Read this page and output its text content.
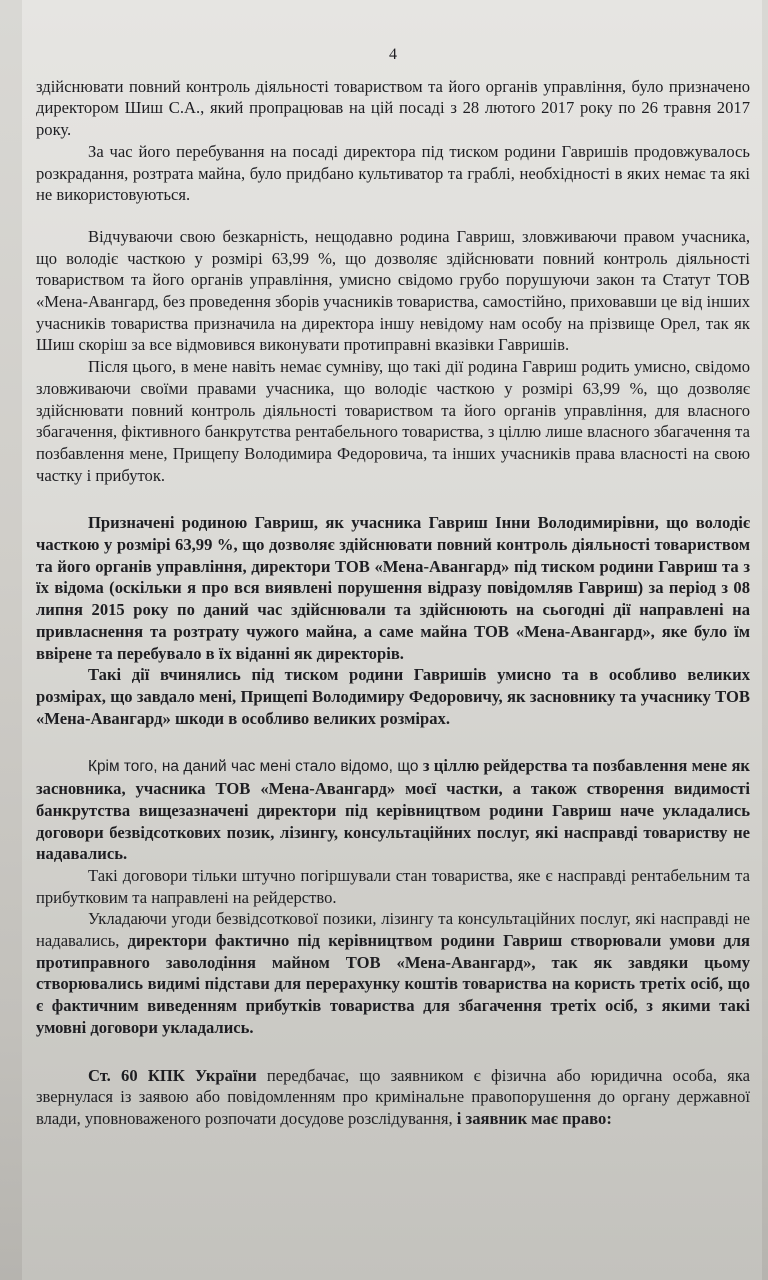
4

здійснювати повний контроль діяльності товариством та його органів управління, було призначено директором Шиш С.А., який пропрацював на цій посаді з 28 лютого 2017 року по 26 травня 2017 року.

За час його перебування на посаді директора під тиском родини Гавришів продовжувалось розкрадання, розтрата майна, було придбано культиватор та граблі, необхідності в яких немає та які не використовуються.

Відчуваючи свою безкарність, нещодавно родина Гавриш, зловживаючи правом учасника, що володіє часткою у розмірі 63,99 %, що дозволяє здійснювати повний контроль діяльності товариством та його органів управління, умисно свідомо грубо порушуючи закон та Статут ТОВ «Мена-Авангард, без проведення зборів учасників товариства, самостійно, приховавши це від інших учасників товариства призначила на директора іншу невідому нам особу на прізвище Орел, так як Шиш скоріш за все відмовився виконувати протиправні вказівки Гавришів.

Після цього, в мене навіть немає сумніву, що такі дії родина Гавриш родить умисно, свідомо зловживаючи своїми правами учасника, що володіє часткою у розмірі 63,99 %, що дозволяє здійснювати повний контроль діяльності товариством та його органів управління, для власного збагачення, фіктивного банкрутства рентабельного товариства, з ціллю лише власного збагачення та позбавлення мене, Прищепу Володимира Федоровича, та інших учасників права власності на свою частку і прибуток.

Призначені родиною Гавриш, як учасника Гавриш Інни Володимирівни, що володіє часткою у розмірі 63,99 %, що дозволяє здійснювати повний контроль діяльності товариством та його органів управління, директори ТОВ «Мена-Авангард» під тиском родини Гавриш та з їх відома (оскільки я про вся виявлені порушення відразу повідомляв Гавриш) за період з 08 липня 2015 року по даний час здійснювали та здійснюють на сьогодні дії направлені на привласнення та розтрату чужого майна, а саме майна ТОВ «Мена-Авангард», яке було їм ввірене та перебувало в їх віданні як директорів.

Такі дії вчинялись під тиском родини Гавришів умисно та в особливо великих розмірах, що завдало мені, Прищепі Володимиру Федоровичу, як засновнику та учаснику ТОВ «Мена-Авангард» шкоди в особливо великих розмірах.

Крім того, на даний час мені стало відомо, що з ціллю рейдерства та позбавлення мене як засновника, учасника ТОВ «Мена-Авангард» моєї частки, а також створення видимості банкрутства вищезазначені директори під керівництвом родини Гавриш наче укладались договори безвідсоткових позик, лізингу, консультаційних послуг, які насправді товариству не надавались.

Такі договори тільки штучно погіршували стан товариства, яке є насправді рентабельним та прибутковим та направлені на рейдерство.

Укладаючи угоди безвідсоткової позики, лізингу та консультаційних послуг, які насправді не надавались, директори фактично під керівництвом родини Гавриш створювали умови для протиправного заволодіння майном ТОВ «Мена-Авангард», так як завдяки цьому створювались видимі підстави для перерахунку коштів товариства на користь третіх осіб, що є фактичним виведенням прибутків товариства для збагачення третіх осіб, з якими такі умовні договори укладались.

Ст. 60 КПК України передбачає, що заявником є фізична або юридична особа, яка звернулася із заявою або повідомленням про кримінальне правопорушення до органу державної влади, уповноваженого розпочати досудове розслідування, і заявник має право:
